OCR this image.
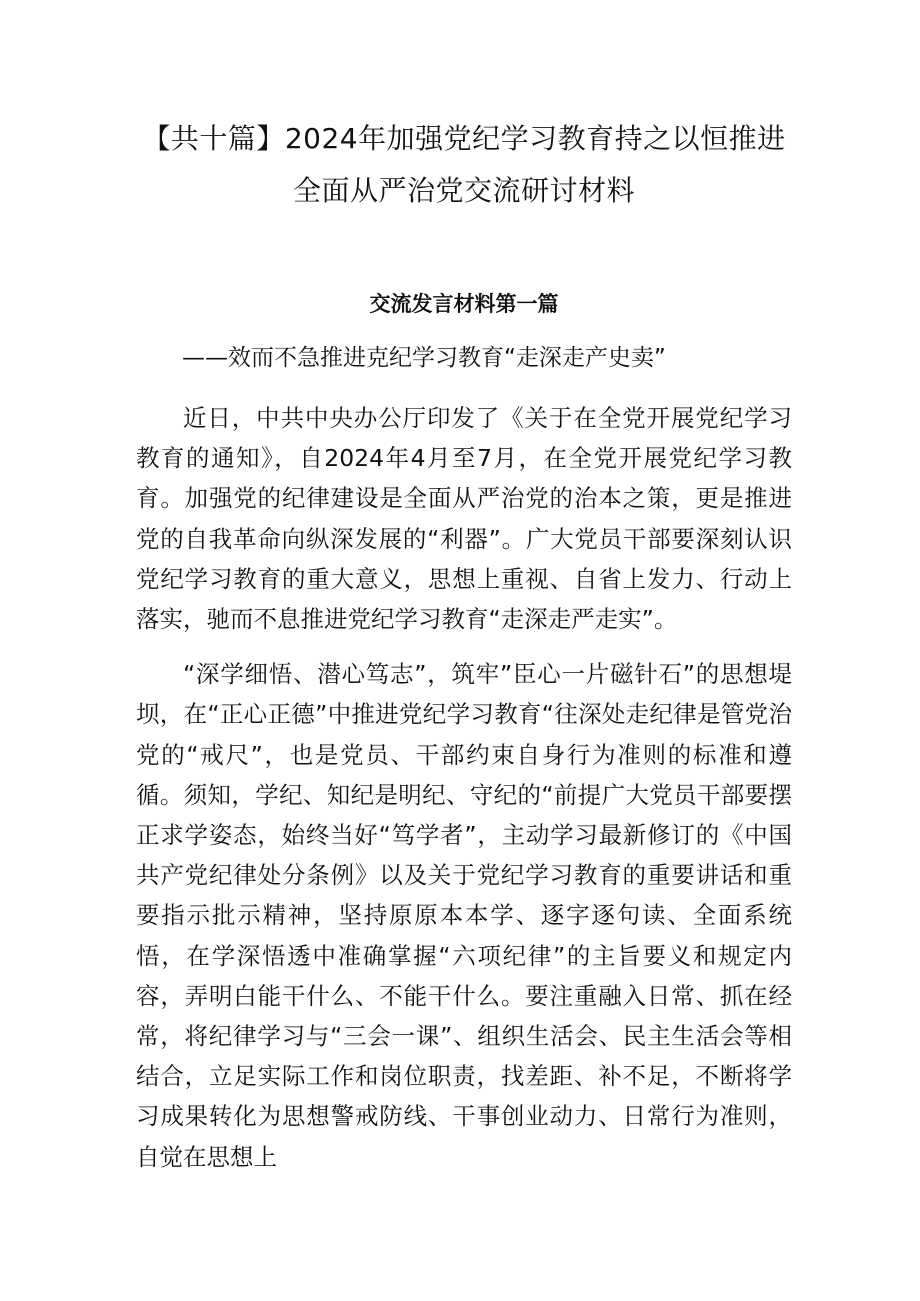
【共十篇】2024年加强党纪学习教育持之以恒推进
全面从严治党交流研讨材料
交流发言材料第一篇

——效而不急推进克纪学习教育“走深走产史卖”

近日，中共中央办公厅印发了《关于在全党开展党纪学习教育的通知》，自2024年4月至7月，在全党开展党纪学习教育。加强党的纪律建设是全面从严治党的治本之策，更是推进党的自我革命向纵深发展的“利器”。广大党员干部要深刻认识党纪学习教育的重大意义，思想上重视、自省上发力、行动上落实，驰而不息推进党纪学习教育“走深走严走实”。

“深学细悟、潜心笃志”，筑牢”臣心一片磁针石”的思想堤坝，在“正心正德”中推进党纪学习教育“往深处走纪律是管党治党的“戒尺”，也是党员、干部约束自身行为准则的标准和遵循。须知，学纪、知纪是明纪、守纪的“前提广大党员干部要摆正求学姿态，始终当好“笃学者”，主动学习最新修订的《中国共产党纪律处分条例》以及关于党纪学习教育的重要讲话和重要指示批示精神，坚持原原本本学、逐字逐句读、全面系统悟，在学深悟透中准确掌握“六项纪律”的主旨要义和规定内容，弄明白能干什么、不能干什么。要注重融入日常、抓在经常，将纪律学习与“三会一课”、组织生活会、民主生活会等相结合，立足实际工作和岗位职责，找差距、补不足，不断将学习成果转化为思想警戒防线、干事创业动力、日常行为准则，自觉在思想上
